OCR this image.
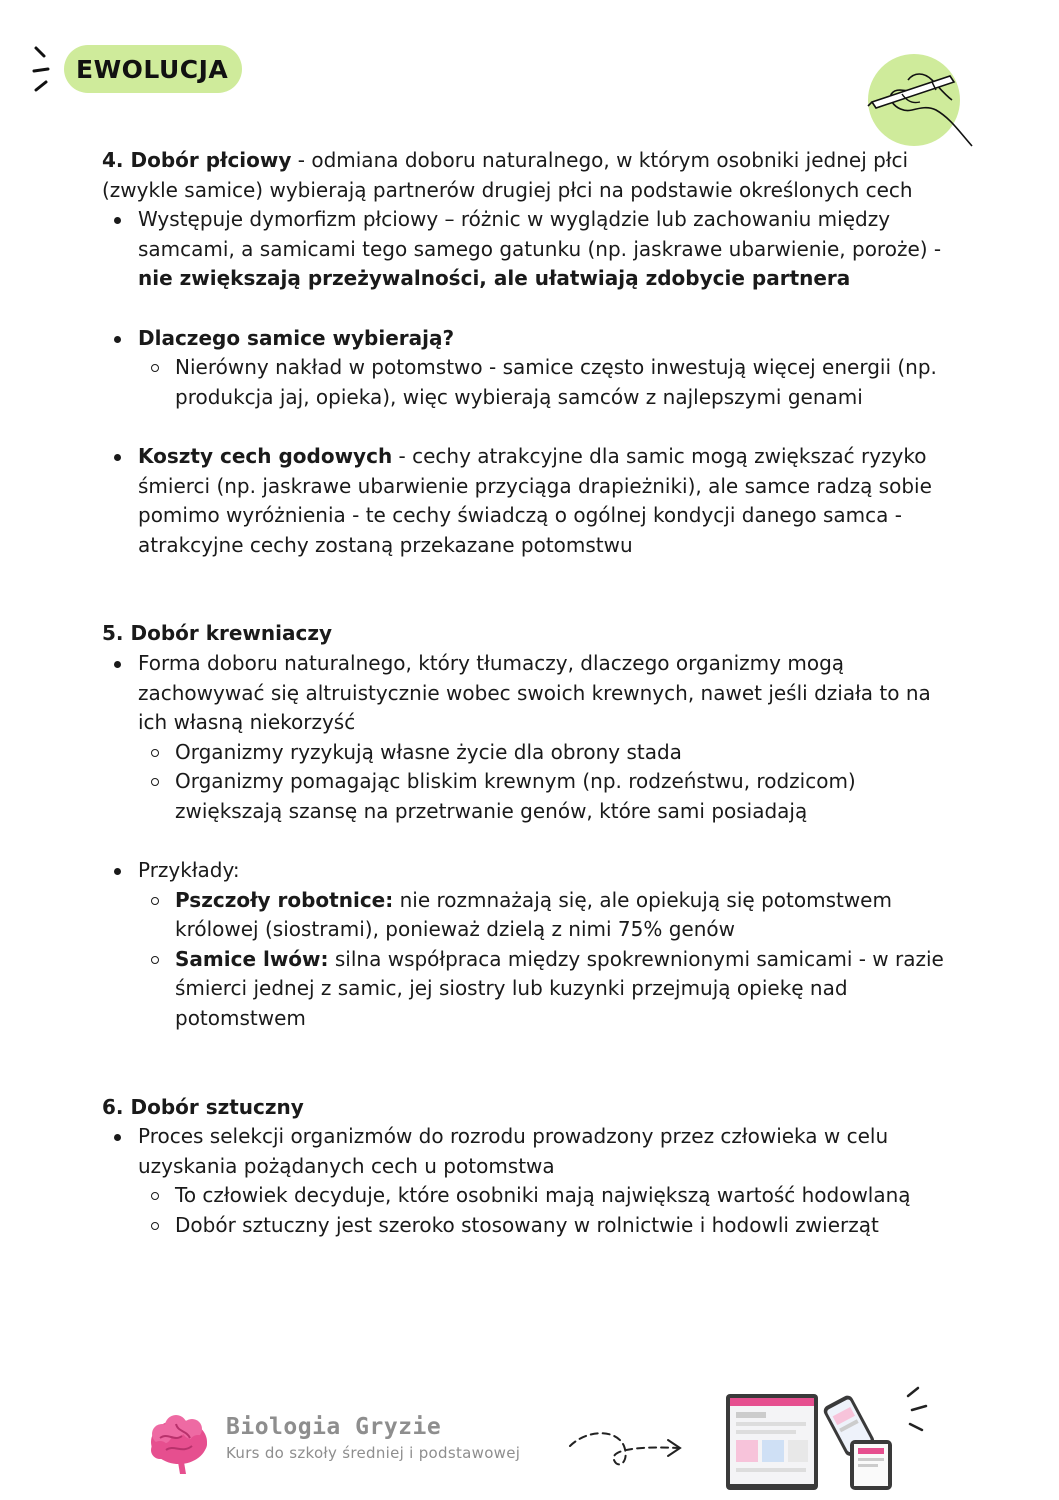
EWOLUCJA

4. Dobór płciowy - odmiana doboru naturalnego, w którym osobniki jednej płci (zwykle samice) wybierają partnerów drugiej płci na podstawie określonych cech

Występuje dymorfizm płciowy – różnic w wyglądzie lub zachowaniu między samcami, a samicami tego samego gatunku (np. jaskrawe ubarwienie, poroże) - nie zwiększają przeżywalności, ale ułatwiają zdobycie partnera

Dlaczego samice wybierają?

Nierówny nakład w potomstwo - samice często inwestują więcej energii (np. produkcja jaj, opieka), więc wybierają samców z najlepszymi genami

Koszty cech godowych - cechy atrakcyjne dla samic mogą zwiększać ryzyko śmierci (np. jaskrawe ubarwienie przyciąga drapieżniki), ale samce radzą sobie pomimo wyróżnienia - te cechy świadczą o ogólnej kondycji danego samca - atrakcyjne cechy zostaną przekazane potomstwu

5. Dobór krewniaczy

Forma doboru naturalnego, który tłumaczy, dlaczego organizmy mogą zachowywać się altruistycznie wobec swoich krewnych, nawet jeśli działa to na ich własną niekorzyść

Organizmy ryzykują własne życie dla obrony stada

Organizmy pomagając bliskim krewnym (np. rodzeństwu, rodzicom) zwiększają szansę na przetrwanie genów, które sami posiadają

Przykłady:

Pszczoły robotnice: nie rozmnażają się, ale opiekują się potomstwem królowej (siostrami), ponieważ dzielą z nimi 75% genów

Samice lwów: silna współpraca między spokrewnionymi samicami - w razie śmierci jednej z samic, jej siostry lub kuzynki przejmują opiekę nad potomstwem

6. Dobór sztuczny

Proces selekcji organizmów do rozrodu prowadzony przez człowieka w celu uzyskania pożądanych cech u potomstwa

To człowiek decyduje, które osobniki mają największą wartość hodowlaną

Dobór sztuczny jest szeroko stosowany w rolnictwie i hodowli zwierząt

Biologia Gryzie
Kurs do szkoły średniej i podstawowej
